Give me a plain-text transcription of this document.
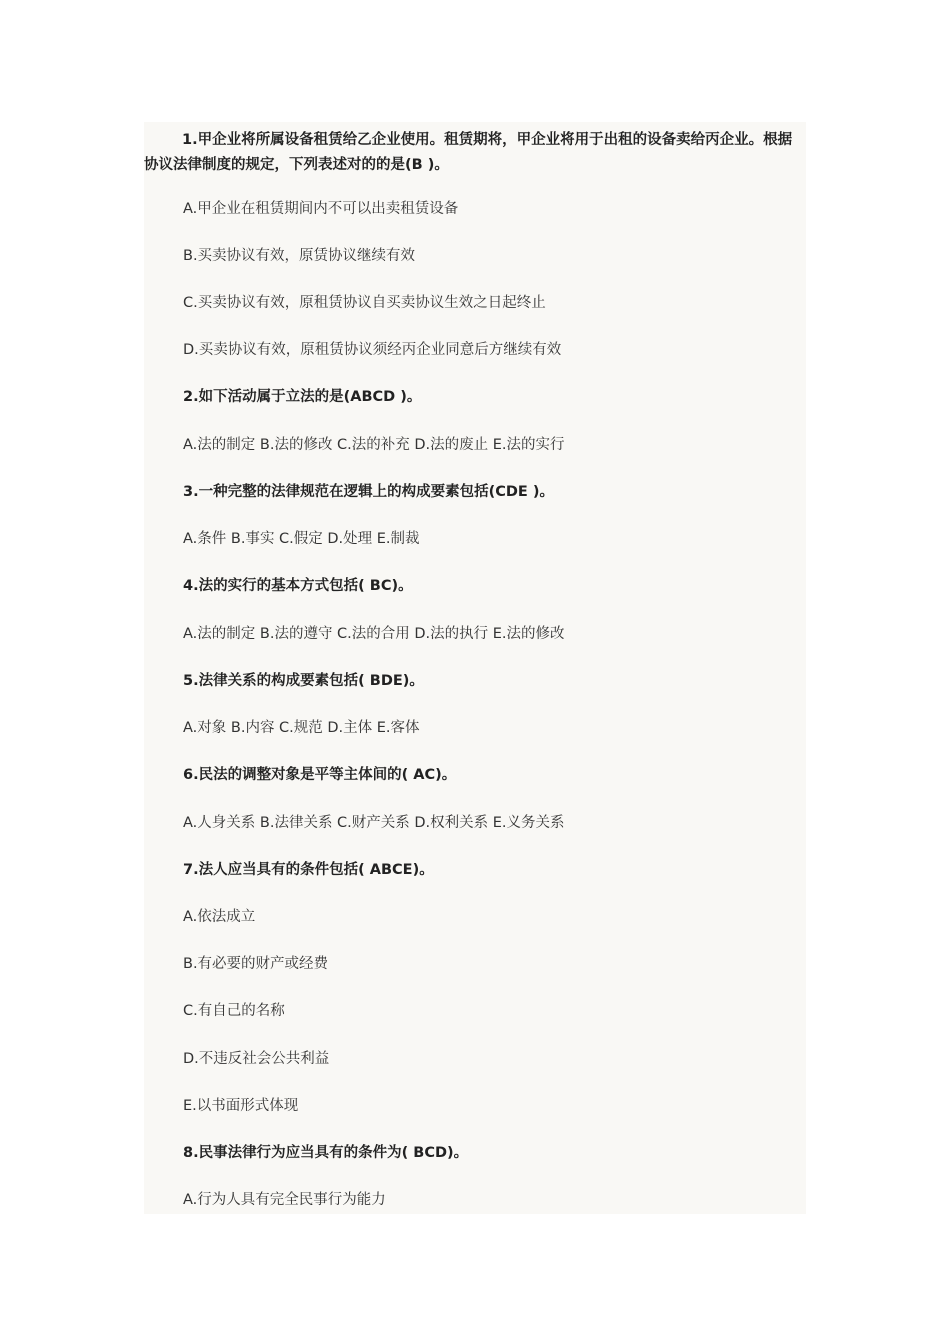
1.甲企业将所属设备租赁给乙企业使用。租赁期将，甲企业将用于出租的设备卖给丙企业。根据协议法律制度的规定，下列表述对的的是(B )。
A.甲企业在租赁期间内不可以出卖租赁设备
B.买卖协议有效，原赁协议继续有效
C.买卖协议有效，原租赁协议自买卖协议生效之日起终止
D.买卖协议有效，原租赁协议须经丙企业同意后方继续有效
2.如下活动属于立法的是(ABCD )。
A.法的制定 B.法的修改 C.法的补充 D.法的废止 E.法的实行
3.一种完整的法律规范在逻辑上的构成要素包括(CDE )。
A.条件 B.事实 C.假定 D.处理 E.制裁
4.法的实行的基本方式包括( BC)。
A.法的制定 B.法的遵守 C.法的合用 D.法的执行 E.法的修改
5.法律关系的构成要素包括( BDE)。
A.对象 B.内容 C.规范 D.主体 E.客体
6.民法的调整对象是平等主体间的( AC)。
A.人身关系 B.法律关系 C.财产关系 D.权利关系 E.义务关系
7.法人应当具有的条件包括( ABCE)。
A.依法成立
B.有必要的财产或经费
C.有自己的名称
D.不违反社会公共利益
E.以书面形式体现
8.民事法律行为应当具有的条件为( BCD)。
A.行为人具有完全民事行为能力
